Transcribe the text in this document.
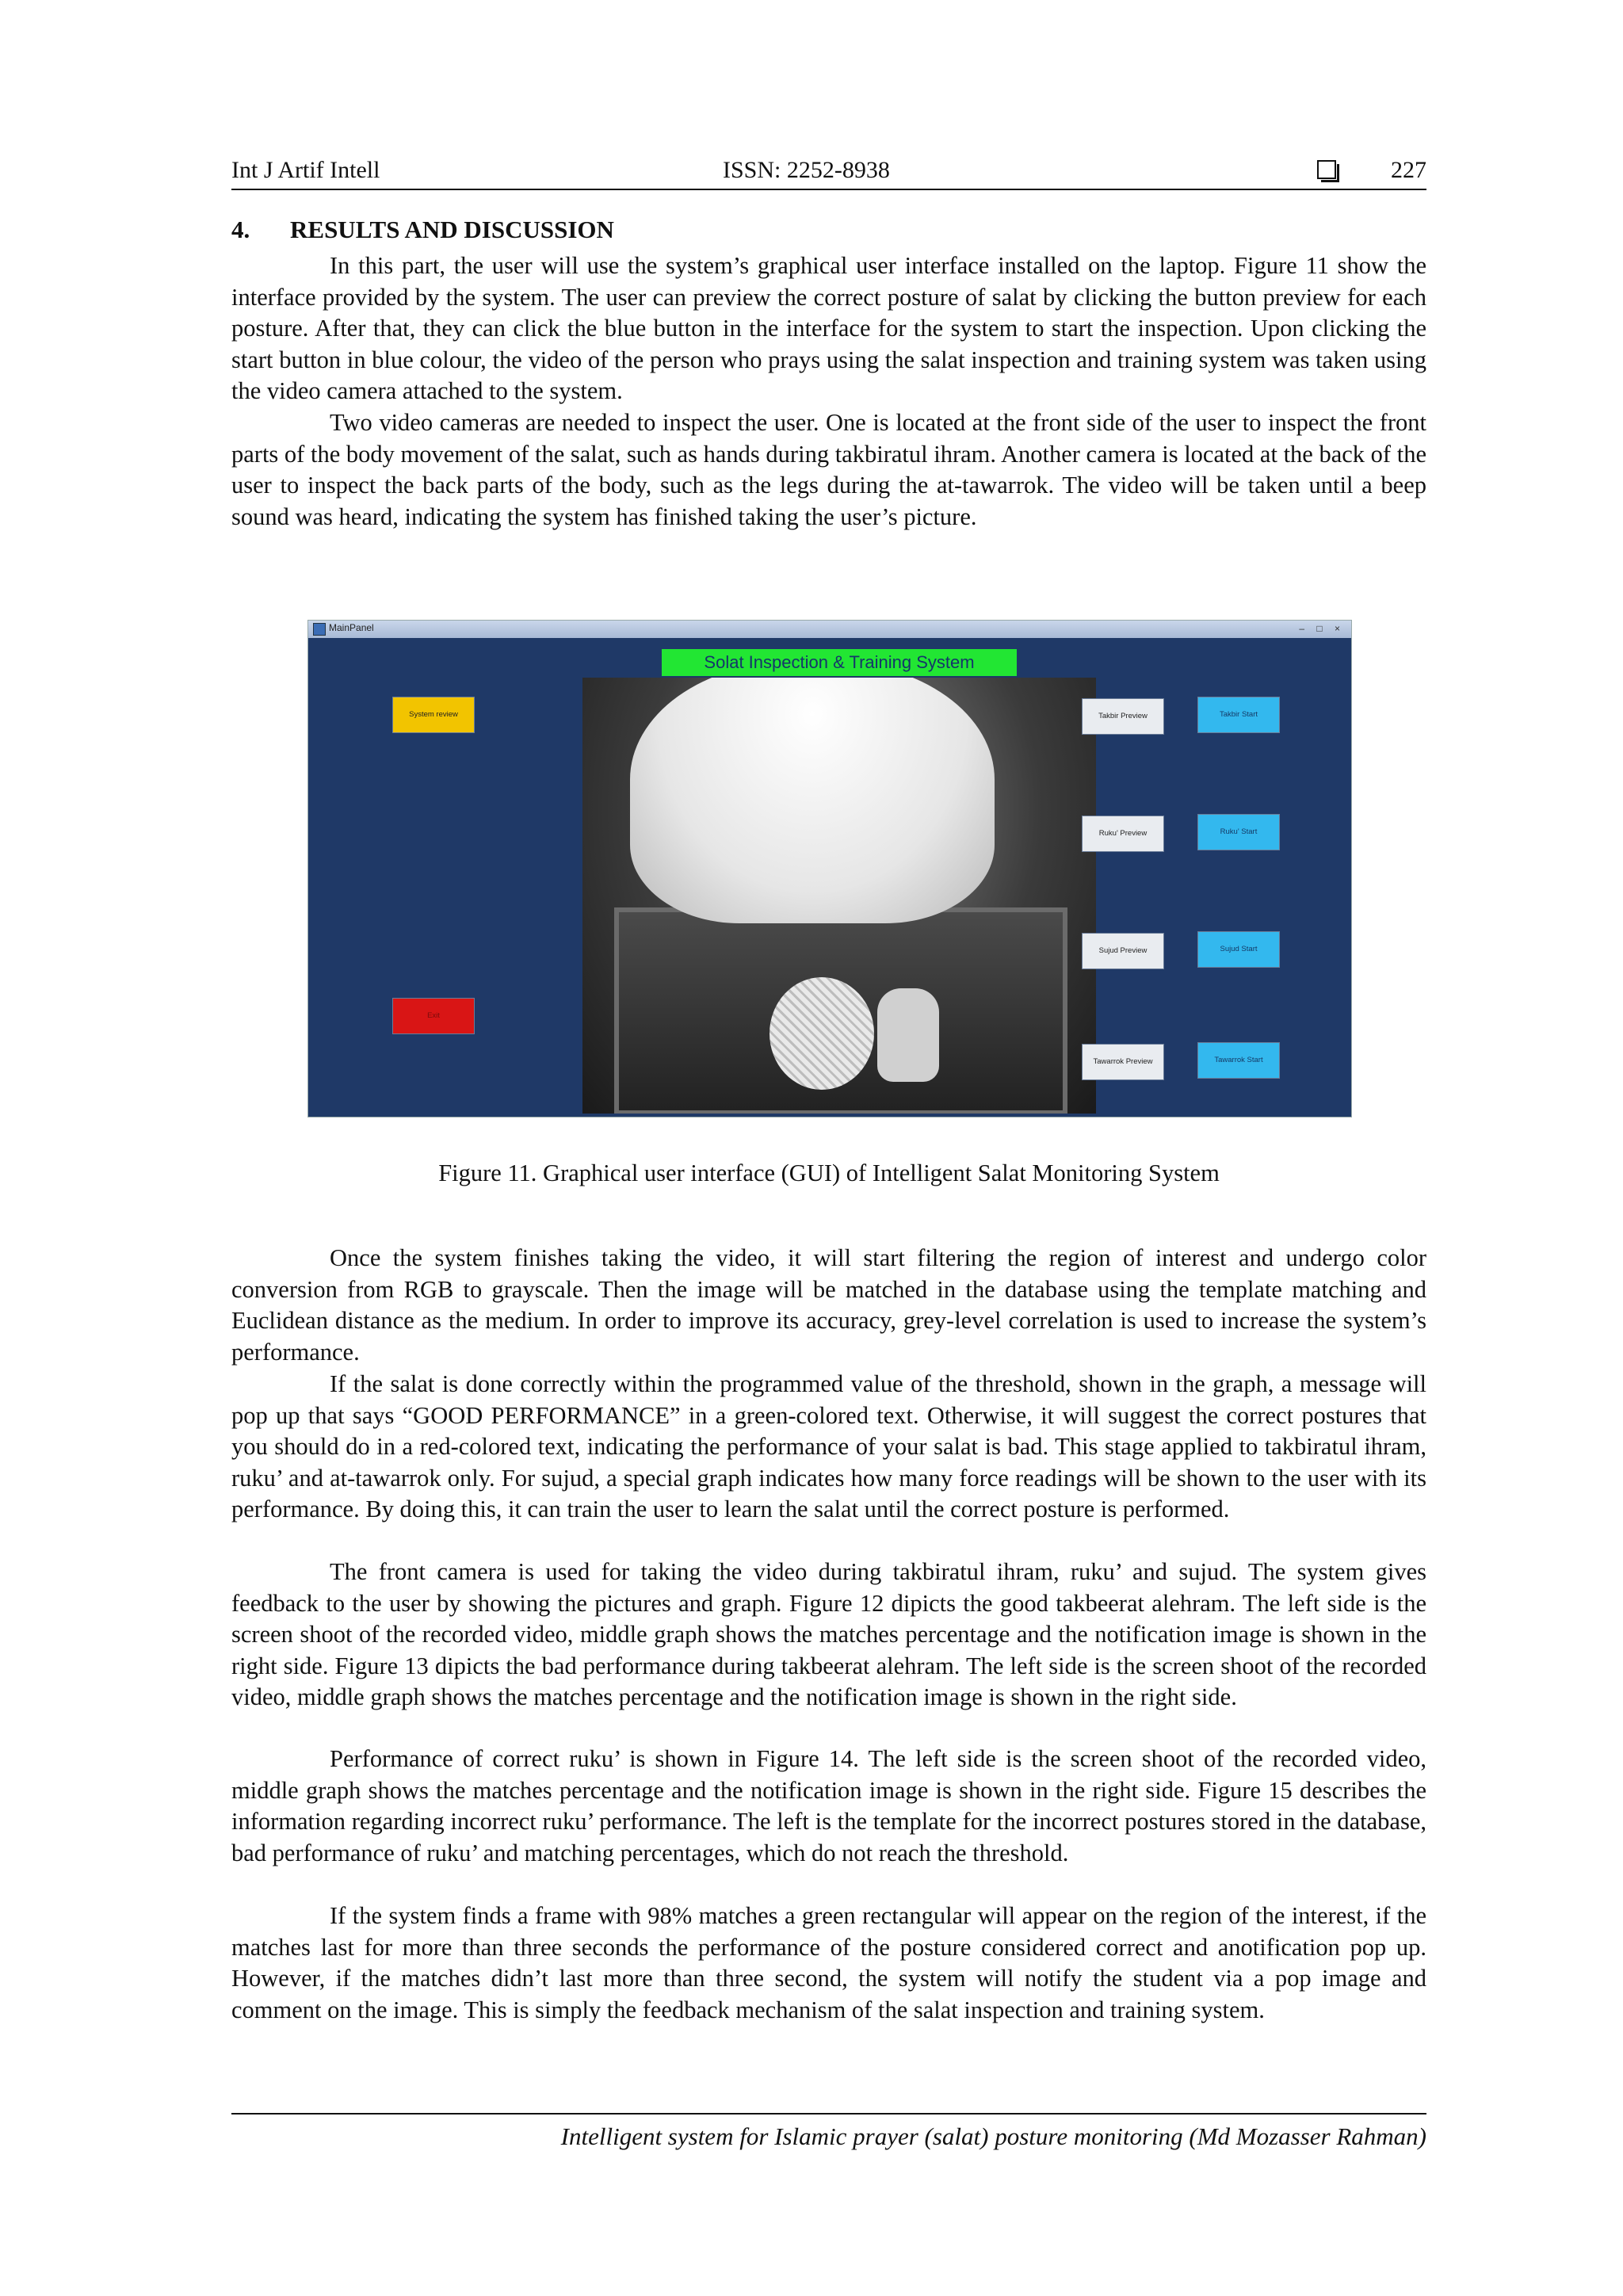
Int J Artif Intell	ISSN: 2252-8938	227
4. RESULTS AND DISCUSSION

In this part, the user will use the system’s graphical user interface installed on the laptop. Figure 11 show the interface provided by the system. The user can preview the correct posture of salat by clicking the button preview for each posture. After that, they can click the blue button in the interface for the system to start the inspection. Upon clicking the start button in blue colour, the video of the person who prays using the salat inspection and training system was taken using the video camera attached to the system.

Two video cameras are needed to inspect the user. One is located at the front side of the user to inspect the front parts of the body movement of the salat, such as hands during takbiratul ihram. Another camera is located at the back of the user to inspect the back parts of the body, such as the legs during the at-tawarrok. The video will be taken until a beep sound was heard, indicating the system has finished taking the user’s picture.

MainPanel	– □ ×
Solat Inspection & Training System
System review
Exit
Takbir Preview	Takbir Start
Ruku' Preview	Ruku' Start
Sujud Preview	Sujud Start
Tawarrok Preview	Tawarrok Start
Figure 11. Graphical user interface (GUI) of Intelligent Salat Monitoring System

Once the system finishes taking the video, it will start filtering the region of interest and undergo color conversion from RGB to grayscale. Then the image will be matched in the database using the template matching and Euclidean distance as the medium. In order to improve its accuracy, grey-level correlation is used to increase the system’s performance.

If the salat is done correctly within the programmed value of the threshold, shown in the graph, a message will pop up that says “GOOD PERFORMANCE” in a green-colored text. Otherwise, it will suggest the correct postures that you should do in a red-colored text, indicating the performance of your salat is bad. This stage applied to takbiratul ihram, ruku’ and at-tawarrok only. For sujud, a special graph indicates how many force readings will be shown to the user with its performance. By doing this, it can train the user to learn the salat until the correct posture is performed.

The front camera is used for taking the video during takbiratul ihram, ruku’ and sujud. The system gives feedback to the user by showing the pictures and graph. Figure 12 dipicts the good takbeerat alehram. The left side is the screen shoot of the recorded video, middle graph shows the matches percentage and the notification image is shown in the right side. Figure 13 dipicts the bad performance during takbeerat alehram. The left side is the screen shoot of the recorded video, middle graph shows the matches percentage and the notification image is shown in the right side.

Performance of correct ruku’ is shown in Figure 14. The left side is the screen shoot of the recorded video, middle graph shows the matches percentage and the notification image is shown in the right side. Figure 15 describes the information regarding incorrect ruku’ performance. The left is the template for the incorrect postures stored in the database, bad performance of ruku’ and matching percentages, which do not reach the threshold.

If the system finds a frame with 98% matches a green rectangular will appear on the region of the interest, if the matches last for more than three seconds the performance of the posture considered correct and anotification pop up. However, if the matches didn’t last more than three second, the system will notify the student via a pop image and comment on the image. This is simply the feedback mechanism of the salat inspection and training system.

Intelligent system for Islamic prayer (salat) posture monitoring (Md Mozasser Rahman)
